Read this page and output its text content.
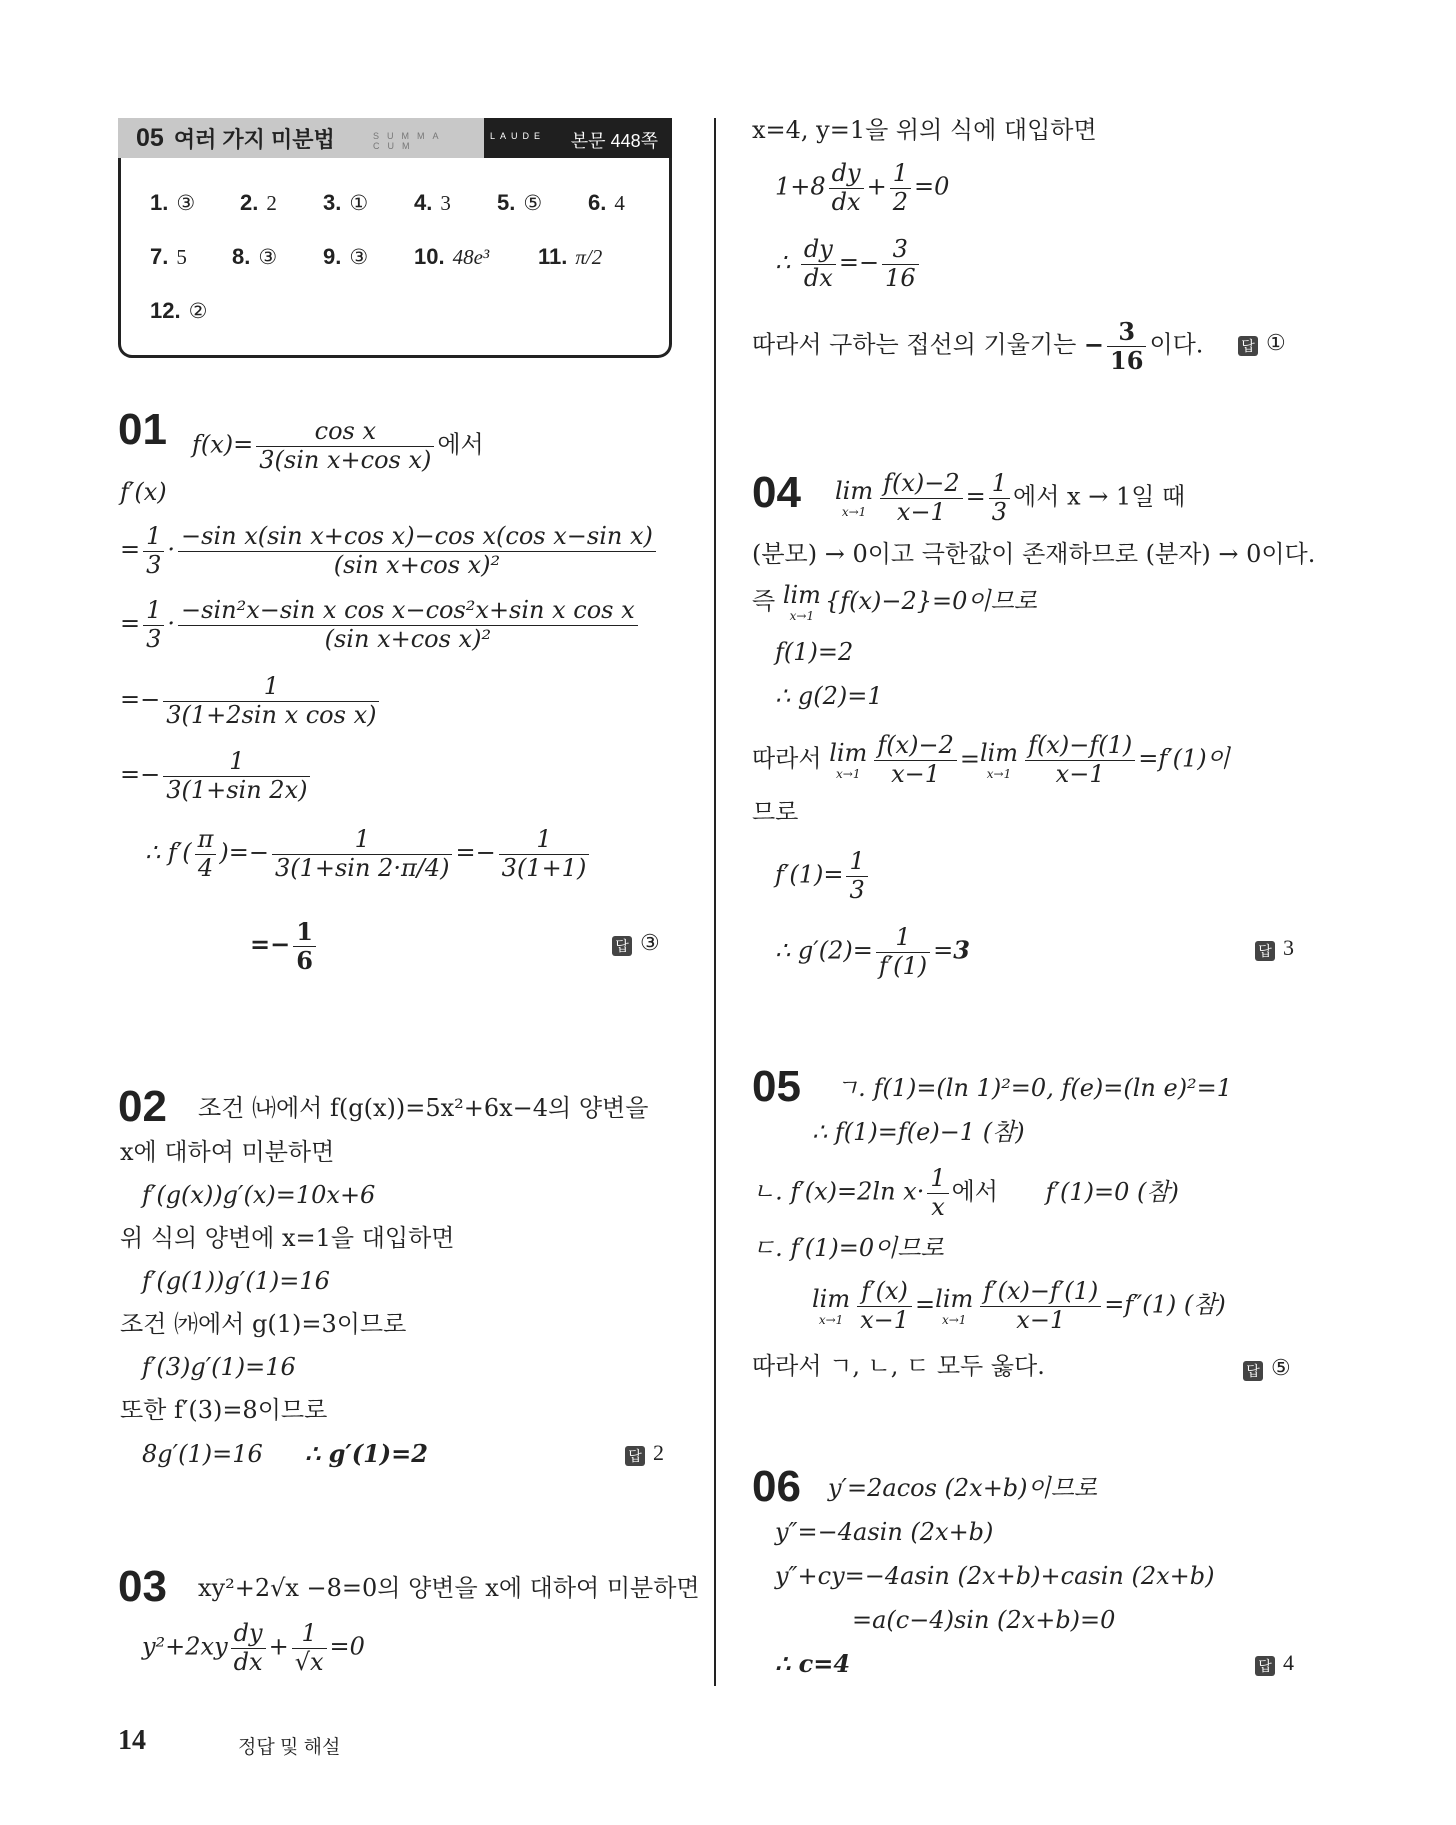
05 여러 가지 미분법	SUMMA CUM
LAUDE 본문 448쪽
1. ③ 2. 2 3. ① 4. 3 5. ⑤ 6. 4
7. 5 8. ③ 9. ③ 10. 48e³ 11. π/2
12. ②
01 $f(x)= \frac{\text{cos x}}{\text{3(sin x+cos x)}}$ 에서
f′(x)
= $\frac{1}{3} \cdot \frac{\text{−sin x(sin x+cos x)−cos x(cos x−sin x)}}{\text{(sin x+cos x)²}}$
= $\frac{1}{3} \cdot \frac{\text{−sin²x−sin x cos x−cos²x+sin x cos x}}{\text{(sin x+cos x)²}}$
=− $\frac{1}{\text{3(1+2sin x cos x)}}$
=− $\frac{1}{3(1+\sin 2x)}$
∴ $f'( \frac{\pi}{4}$ )=− $\frac{1}{3(1+\sin 2\cdot\pi/4)} =- \frac{1}{3(1+1)}$
=− $\frac{1}{6}$	답 ③
02 조건 ㈏에서 f(g(x))=5x²+6x−4의 양변을
x에 대하여 미분하면
f′(g(x))g′(x)=10x+6
위 식의 양변에 x=1을 대입하면
f′(g(1))g′(1)=16
조건 ㈎에서 g(1)=3이므로
f′(3)g′(1)=16
또한 f′(3)=8이므로
8g′(1)=16 ∴ g′(1)=2	답 2
03 xy²+2√x −8=0의 양변을 x에 대하여 미분하면
$y^2+2xy \frac{dy}{dx} + \frac{1}{√x} =0$
x=4, y=1을 위의 식에 대입하면
$1+8 \frac{dy}{dx} + \frac{1}{2} =0$
∴ $\frac{dy}{dx} =- \frac{3}{16}$
따라서 구하는 접선의 기울기는 − $\frac{3}{16}$ 이다.	답 ①
04 lim
$x\to 1 \frac{f(x)-2}{x-1} = \frac{1}{3}$ 에서 x → 1일 때
(분모) → 0이고 극한값이 존재하므로 (분자) → 0이다.
즉 lim
x→1
{f(x)−2}=0이므로
f(1)=2
∴ g(2)=1
따라서 lim
$x\to 1 \frac{f(x)-2}{x-1} = \lim$
$x\to 1 \frac{f(x)-f(1)}{x-1} =f'(1)$이
므로
$f'(1)= \frac{1}{3}$
∴ $g'(2)= \frac{1}{f'(1)} =3$	답 3
05 ㄱ. f(1)=(ln 1)²=0, f(e)=(ln e)²=1
∴ f(1)=f(e)−1 (참)
ㄴ. f′(x)=2ln $x\cdot \frac{1}{x}$ 에서 f′(1)=0 (참)
ㄷ. f′(1)=0이므로
lim
$x\to 1 \frac{f'(x)}{x-1} = \lim$
$x\to 1 \frac{f'(x)-f'(1)}{x-1} =f''(1)$ (참)
따라서 ㄱ, ㄴ, ㄷ 모두 옳다.	답 ⑤
06 y′=2acos (2x+b)이므로
y″=−4asin (2x+b)
y″+cy=−4asin (2x+b)+casin (2x+b)
=a(c−4)sin (2x+b)=0
∴ c=4	답 4
14	정답 및 해설
